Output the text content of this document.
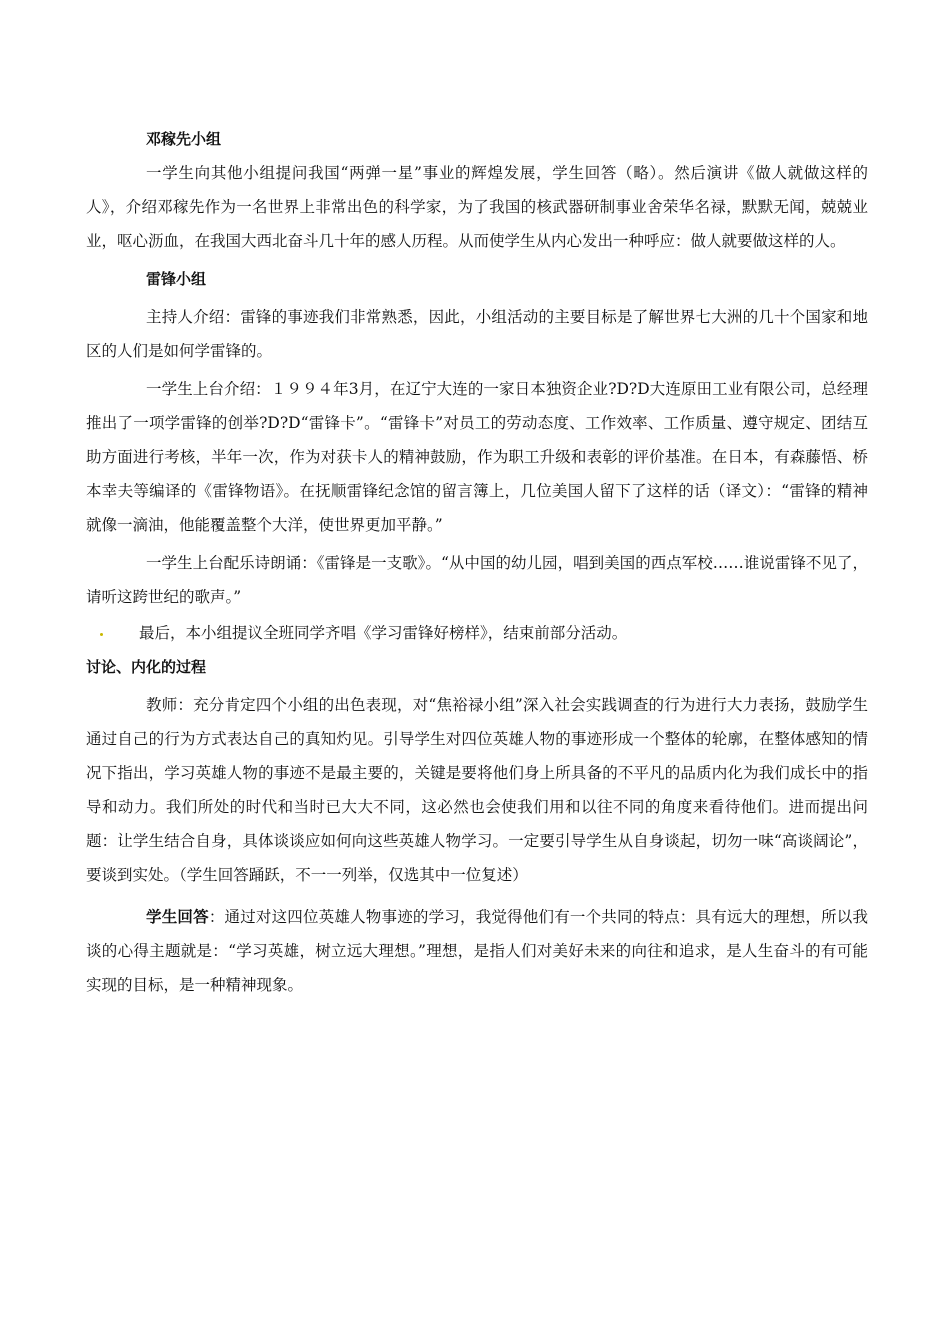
邓稼先小组

一学生向其他小组提问我国“两弹一星”事业的辉煌发展，学生回答（略）。然后演讲《做人就做这样的人》，介绍邓稼先作为一名世界上非常出色的科学家，为了我国的核武器研制事业舍荣华名禄，默默无闻，兢兢业业，呕心沥血，在我国大西北奋斗几十年的感人历程。从而使学生从内心发出一种呼应：做人就要做这样的人。

雷锋小组

主持人介绍：雷锋的事迹我们非常熟悉，因此，小组活动的主要目标是了解世界七大洲的几十个国家和地区的人们是如何学雷锋的。

一学生上台介绍：１９９４年3月，在辽宁大连的一家日本独资企业?D?D大连原田工业有限公司，总经理推出了一项学雷锋的创举?D?D“雷锋卡”。“雷锋卡”对员工的劳动态度、工作效率、工作质量、遵守规定、团结互助方面进行考核，半年一次，作为对获卡人的精神鼓励，作为职工升级和表彰的评价基准。在日本，有森藤悟、桥本幸夫等编译的《雷锋物语》。在抚顺雷锋纪念馆的留言簿上，几位美国人留下了这样的话（译文）：“雷锋的精神就像一滴油，他能覆盖整个大洋，使世界更加平静。”

一学生上台配乐诗朗诵：《雷锋是一支歌》。“从中国的幼儿园，唱到美国的西点军校……谁说雷锋不见了，请听这跨世纪的歌声。”

最后，本小组提议全班同学齐唱《学习雷锋好榜样》，结束前部分活动。

讨论、内化的过程

教师：充分肯定四个小组的出色表现，对“焦裕禄小组”深入社会实践调查的行为进行大力表扬，鼓励学生通过自己的行为方式表达自己的真知灼见。引导学生对四位英雄人物的事迹形成一个整体的轮廓，在整体感知的情况下指出，学习英雄人物的事迹不是最主要的，关键是要将他们身上所具备的不平凡的品质内化为我们成长中的指导和动力。我们所处的时代和当时已大大不同，这必然也会使我们用和以往不同的角度来看待他们。进而提出问题：让学生结合自身，具体谈谈应如何向这些英雄人物学习。一定要引导学生从自身谈起，切勿一味“高谈阔论”，要谈到实处。（学生回答踊跃，不一一列举，仅选其中一位复述）

学生回答：通过对这四位英雄人物事迹的学习，我觉得他们有一个共同的特点：具有远大的理想，所以我谈的心得主题就是：“学习英雄，树立远大理想。”理想，是指人们对美好未来的向往和追求，是人生奋斗的有可能实现的目标，是一种精神现象。
